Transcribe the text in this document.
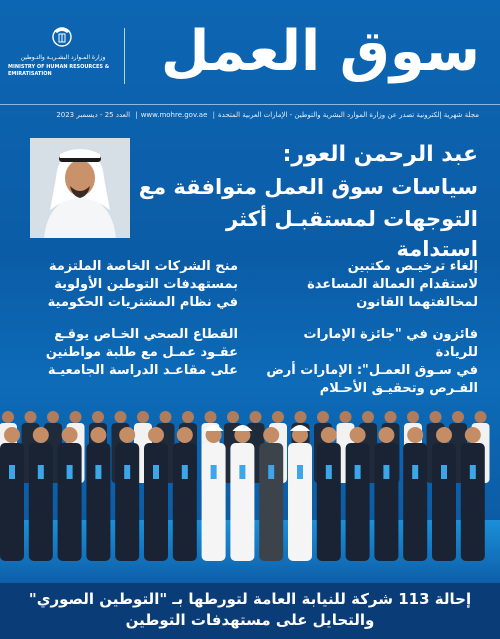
وزارة المـوارد البشـريـة والتـوطين
MINISTRY OF HUMAN RESOURCES & EMIRATISATION	سوق العمل
مجلة شهرية إلكترونية تصدر عن وزارة الموارد البشرية والتوطين - الإمارات العربية المتحدة| www.mohre.gov.ae| العدد 25 - ديسمبر 2023
عبد الرحمن العور:
سياسات سوق العمل متوافقة مع
التوجهات لمستقبـل أكثر استدامة
منح الشركات الخاصة الملتزمة
بمستهدفات التوطين الأولوية
في نظام المشتريات الحكومية
القطاع الصحي الخـاص يوقـع
عقـود عمـل مع طلبة مواطنين
على مقاعـد الدراسة الجامعيـة
إلغاء ترخيـص مكتبين
لاستقدام العمالة المساعدة
لمخالفتهما القانون
فائزون في "جائزة الإمارات للريادة
في سـوق العمـل": الإمارات أرض
الفـرص وتحقيـق الأحـلام
إحالة 113 شركة للنيابة العامة لتورطها بـ "التوطين الصوري"
والتحايل على مستهدفات التوطين
